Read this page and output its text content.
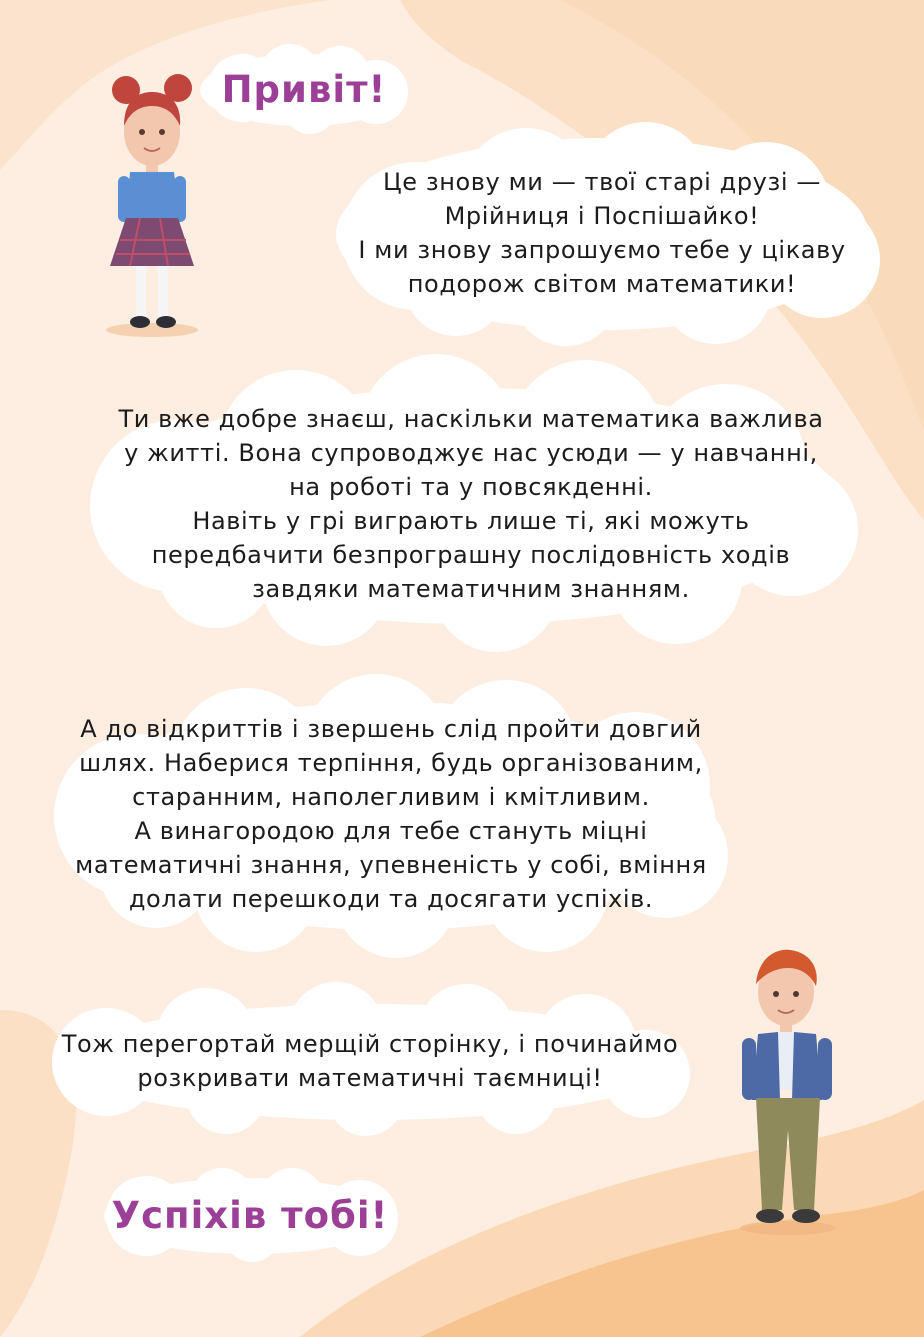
Привіт!
Це знову ми — твої старі друзі —
Мрійниця і Поспішайко!
І ми знову запрошуємо тебе у цікаву
подорож світом математики!
Ти вже добре знаєш, наскільки математика важлива
у житті. Вона супроводжує нас усюди — у навчанні,
на роботі та у повсякденні.
Навіть у грі виграють лише ті, які можуть
передбачити безпрограшну послідовність ходів
завдяки математичним знанням.
А до відкриттів і звершень слід пройти довгий
шлях. Наберися терпіння, будь організованим,
старанним, наполегливим і кмітливим.
А винагородою для тебе стануть міцні
математичні знання, упевненість у собі, вміння
долати перешкоди та досягати успіхів.
Тож перегортай мерщій сторінку, і починаймо
розкривати математичні таємниці!
Успіхів тобі!
